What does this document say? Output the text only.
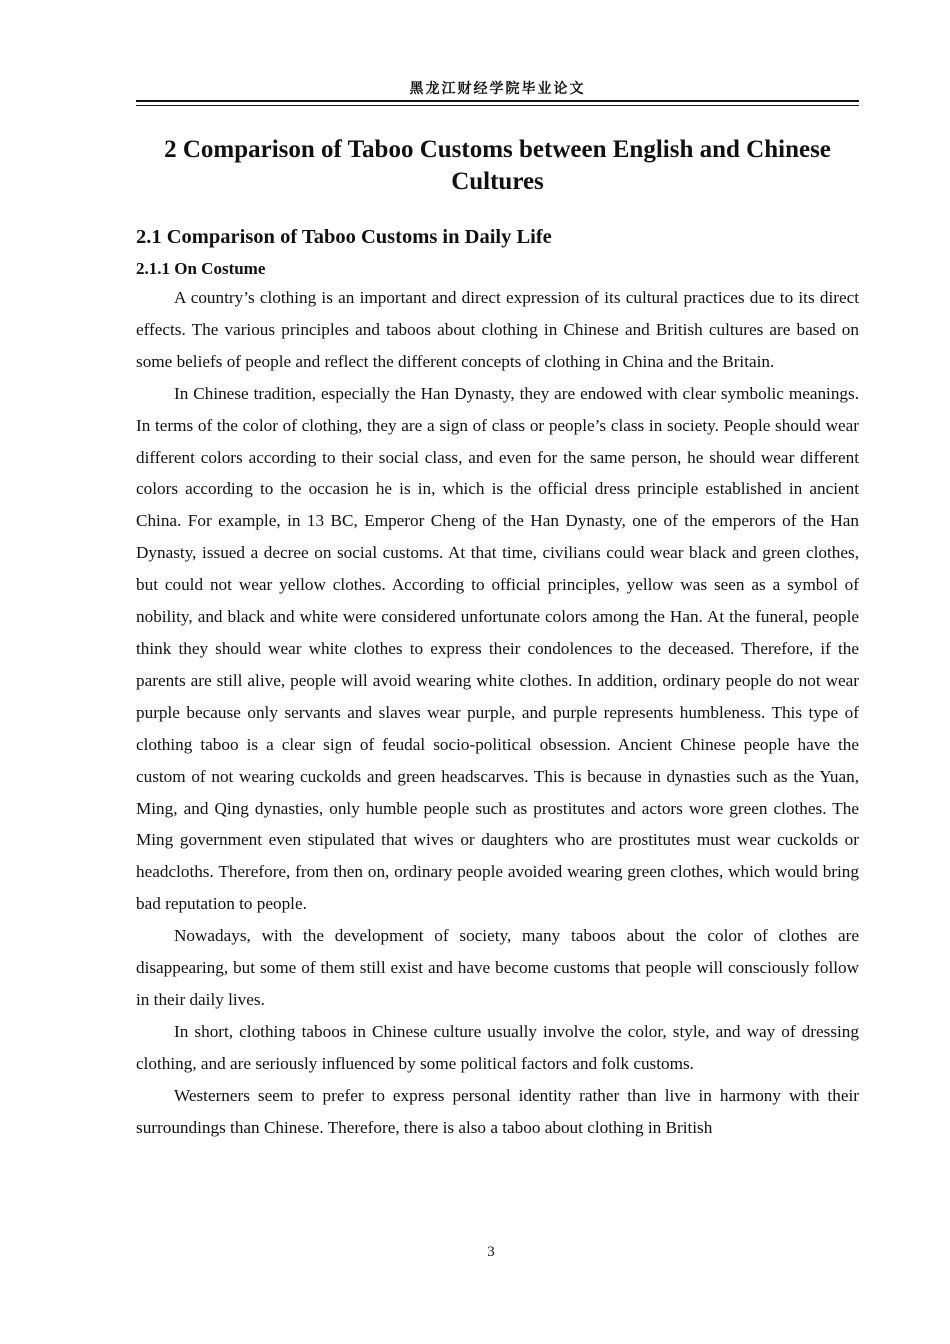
黑龙江财经学院毕业论文
2 Comparison of Taboo Customs between English and Chinese Cultures
2.1 Comparison of Taboo Customs in Daily Life
2.1.1 On Costume

A country’s clothing is an important and direct expression of its cultural practices due to its direct effects. The various principles and taboos about clothing in Chinese and British cultures are based on some beliefs of people and reflect the different concepts of clothing in China and the Britain.

In Chinese tradition, especially the Han Dynasty, they are endowed with clear symbolic meanings. In terms of the color of clothing, they are a sign of class or people’s class in society. People should wear different colors according to their social class, and even for the same person, he should wear different colors according to the occasion he is in, which is the official dress principle established in ancient China. For example, in 13 BC, Emperor Cheng of the Han Dynasty, one of the emperors of the Han Dynasty, issued a decree on social customs. At that time, civilians could wear black and green clothes, but could not wear yellow clothes. According to official principles, yellow was seen as a symbol of nobility, and black and white were considered unfortunate colors among the Han. At the funeral, people think they should wear white clothes to express their condolences to the deceased. Therefore, if the parents are still alive, people will avoid wearing white clothes. In addition, ordinary people do not wear purple because only servants and slaves wear purple, and purple represents humbleness. This type of clothing taboo is a clear sign of feudal socio-political obsession. Ancient Chinese people have the custom of not wearing cuckolds and green headscarves. This is because in dynasties such as the Yuan, Ming, and Qing dynasties, only humble people such as prostitutes and actors wore green clothes. The Ming government even stipulated that wives or daughters who are prostitutes must wear cuckolds or headcloths. Therefore, from then on, ordinary people avoided wearing green clothes, which would bring bad reputation to people.

Nowadays, with the development of society, many taboos about the color of clothes are disappearing, but some of them still exist and have become customs that people will consciously follow in their daily lives.

In short, clothing taboos in Chinese culture usually involve the color, style, and way of dressing clothing, and are seriously influenced by some political factors and folk customs.

Westerners seem to prefer to express personal identity rather than live in harmony with their surroundings than Chinese. Therefore, there is also a taboo about clothing in British

3
